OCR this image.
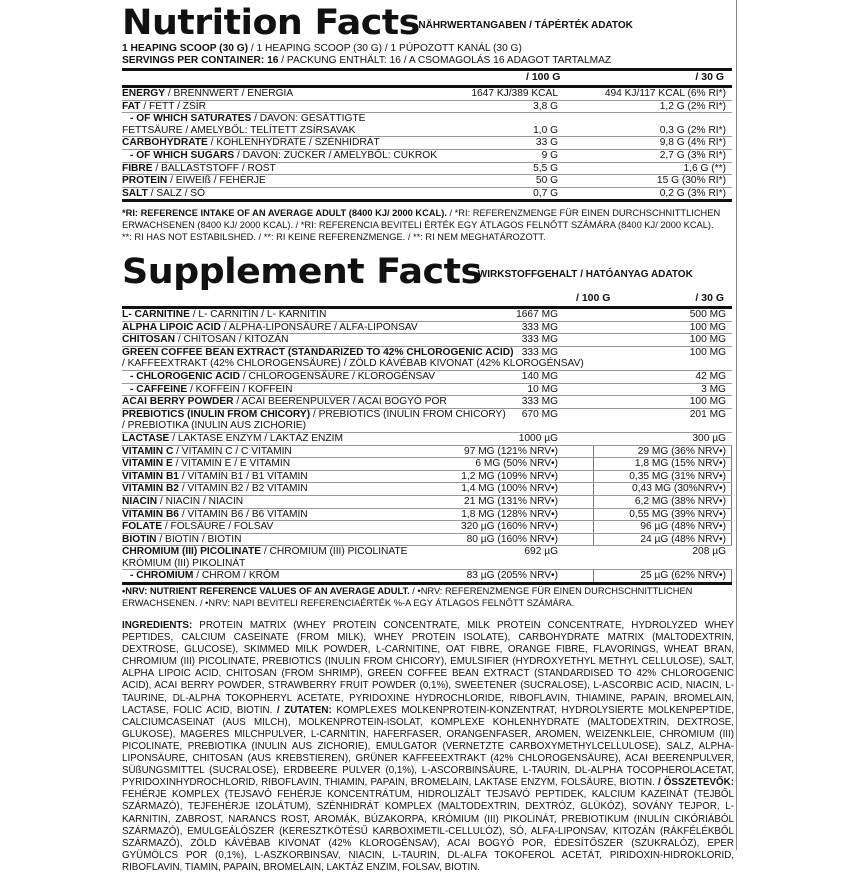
Nutrition Facts$^{NÄHRWERTANGABEN / TÁPÉRTÉK ADATOK}$
1 HEAPING SCOOP (30 G) / 1 HEAPING SCOOP (30 G) / 1 PÚPOZOTT KANÁL (30 G)
SERVINGS PER CONTAINER: 16 / PACKUNG ENTHÄLT: 16 / A CSOMAGOLÁS 16 ADAGOT TARTALMAZ
/ 100 G	/ 30 G
ENERGY / BRENNWERT / ENERGIA	1647 KJ/389 KCAL	494 KJ/117 KCAL (6% RI*)
FAT / FETT / ZSÍR	3,8 G	1,2 G (2% RI*)
- OF WHICH SATURATES / DAVON: GESÄTTIGTE
FETTSÄURE / AMELYBŐL: TELÍTETT ZSÍRSAVAK	1,0 G	0,3 G (2% RI*)
CARBOHYDRATE / KOHLENHYDRATE / SZÉNHIDRÁT	33 G	9,8 G (4% RI*)
- OF WHICH SUGARS / DAVON: ZUCKER / AMELYBŐL: CUKROK	9 G	2,7 G (3% RI*)
FIBRE / BALLASTSTOFF / ROST	5,5 G	1,6 G (**)
PROTEIN / EIWEIß / FEHÉRJE	50 G	15 G (30% RI*)
SALT / SALZ / SÓ	0,7 G	0,2 G (3% RI*)
*RI: REFERENCE INTAKE OF AN AVERAGE ADULT (8400 KJ/ 2000 KCAL). / *RI: REFERENZMENGE FÜR EINEN DURCHSCHNITTLICHEN ERWACHSENEN (8400 KJ/ 2000 KCAL). / *RI: REFERENCIA BEVITELI ÉRTÉK EGY ÁTLAGOS FELNŐTT SZÁMÁRA (8400 KJ/ 2000 KCAL).
**: RI HAS NOT ESTABILSHED. / **: RI KEINE REFERENZMENGE. / **: RI NEM MEGHATÁROZOTT.
Supplement Facts$^{WIRKSTOFFGEHALT / HATÓANYAG ADATOK}$
/ 100 G	/ 30 G
L- CARNITINE / L- CARNITIN / L- KARNITIN	1667 MG	500 MG
ALPHA LIPOIC ACID / ALPHA-LIPONSÄURE / ALFA-LIPONSAV	333 MG	100 MG
CHITOSAN / CHITOSAN / KITOZÁN	333 MG	100 MG
GREEN COFFEE BEAN EXTRACT (STANDARIZED TO 42% CHLOROGENIC ACID) 333 MG	100 MG
/ KAFFEEXTRAKT (42% CHLOROGENSÄURE) / ZÖLD KÁVÉBAB KIVONAT (42% KLOROGÉNSAV)
- CHLOROGENIC ACID / CHLOROGENSÄURE / KLOROGÉNSAV	140 MG	42 MG
- CAFFEINE / KOFFEIN / KOFFEIN	10 MG	3 MG
ACAI BERRY POWDER / ACAI BEERENPULVER / ACAI BOGYÓ POR	333 MG	100 MG
PREBIOTICS (INULIN FROM CHICORY) / PREBIOTICS (INULIN FROM CHICORY) 670 MG	201 MG
/ PREBIOTIKA (INULIN AUS ZICHORIE)
LACTASE / LAKTASE ENZYM / LAKTÁZ ENZIM	1000 µG	300 µG
VITAMIN C / VITAMIN C / C VITAMIN	97 MG (121% NRV•)	29 MG (36% NRV•)
VITAMIN E / VITAMIN E / E VITAMIN	6 MG (50% NRV•)	1,8 MG (15% NRV•)
VITAMIN B1 / VITAMIN B1 / B1 VITAMIN	1,2 MG (109% NRV•)	0,35 MG (31% NRV•)
VITAMIN B2 / VITAMIN B2 / B2 VITAMIN	1,4 MG (100% NRV•)	0,43 MG (30%NRV•)
NIACIN / NIACIN / NIACIN	21 MG (131% NRV•)	6,2 MG (38% NRV•)
VITAMIN B6 / VITAMIN B6 / B6 VITAMIN	1,8 MG (128% NRV•)	0,55 MG (39% NRV•)
FOLATE / FOLSÄURE / FOLSAV	320 µG (160% NRV•)	96 µG (48% NRV•)
BIOTIN / BIOTIN / BIOTIN	80 µG (160% NRV•)	24 µG (48% NRV•)
CHROMIUM (III) PICOLINATE / CHROMIUM (III) PICOLINATE	692 µG	208 µG
KRÓMIUM (III) PIKOLINÁT
- CHROMIUM / CHROM / KRÓM	83 µG (205% NRV•)	25 µG (62% NRV•)
•NRV: NUTRIENT REFERENCE VALUES OF AN AVERAGE ADULT. / •NRV: REFERENZMENGE FÜR EINEN DURCHSCHNITTLICHEN ERWACHSENEN. / •NRV: NAPI BEVITELI REFERENCIAÉRTÉK %-A EGY ÁTLAGOS FELNŐTT SZÁMÁRA.
INGREDIENTS: PROTEIN MATRIX (WHEY PROTEIN CONCENTRATE, MILK PROTEIN CONCENTRATE, HYDROLYZED WHEY PEPTIDES, CALCIUM CASEINATE (FROM MILK), WHEY PROTEIN ISOLATE), CARBOHYDRATE MATRIX (MALTODEXTRIN, DEXTROSE, GLUCOSE), SKIMMED MILK POWDER, L-CARNITINE, OAT FIBRE, ORANGE FIBRE, FLAVORINGS, WHEAT BRAN, CHROMIUM (III) PICOLINATE, PREBIOTICS (INULIN FROM CHICORY), EMULSIFIER (HYDROXYETHYL METHYL CELLULOSE), SALT, ALPHA LIPOIC ACID, CHITOSAN (FROM SHRIMP), GREEN COFFEE BEAN EXTRACT (STANDARDISED TO 42% CHLOROGENIC ACID), ACAI BERRY POWDER, STRAWBERRY FRUIT POWDER (0,1%), SWEETENER (SUCRALOSE), L-ASCORBIC ACID, NIACIN, L-TAURINE, DL-ALPHA TOKOPHERYL ACETATE, PYRIDOXINE HYDROCHLORIDE, RIBOFLAVIN, THIAMINE, PAPAIN, BROMELAIN, LACTASE, FOLIC ACID, BIOTIN. / ZUTATEN: KOMPLEXES MOLKENPROTEIN-KONZENTRAT, HYDROLYSIERTE MOLKENPEPTIDE, CALCIUMCASEINAT (AUS MILCH), MOLKENPROTEIN-ISOLAT, KOMPLEXE KOHLENHYDRATE (MALTODEXTRIN, DEXTROSE, GLUKOSE), MAGERES MILCHPULVER, L-CARNITIN, HAFERFASER, ORANGENFASER, AROMEN, WEIZENKLEIE, CHROMIUM (III) PICOLINATE, PREBIOTIKA (INULIN AUS ZICHORIE), EMULGATOR (VERNETZTE CARBOXYMETHYLCELLULOSE), SALZ, ALPHA-LIPONSÄURE, CHITOSAN (AUS KREBSTIEREN), GRÜNER KAFFEEEXTRAKT (42% CHLOROGENSÄURE), ACAI BEERENPULVER, SÜßUNGSMITTEL (SUCRALOSE), ERDBEERE PULVER (0,1%), L-ASCORBINSÄURE, L-TAURIN, DL-ALPHA TOCOPHEROLACETAT, PYRIDOXINHYDROCHLORID, RIBOFLAVIN, THIAMIN, PAPAIN, BROMELAIN, LAKTASE ENZYM, FOLSÄURE, BIOTIN. / ÖSSZETEVŐK: FEHÉRJE KOMPLEX (TEJSAVÓ FEHÉRJE KONCENTRÁTUM, HIDROLIZÁLT TEJSAVÓ PEPTIDEK, KALCIUM KAZEINÁT (TEJBŐL SZÁRMAZÓ), TEJFEHÉRJE IZOLÁTUM), SZÉNHIDRÁT KOMPLEX (MALTODEXTRIN, DEXTRÓZ, GLÜKÓZ), SOVÁNY TEJPOR, L-KARNITIN, ZABROST, NARANCS ROST, AROMÁK, BÚZAKORPA, KRÓMIUM (III) PIKOLINÁT, PREBIOTIKUM (INULIN CIKÓRIÁBÓL SZÁRMAZÓ), EMULGEÁLÓSZER (KERESZTKÖTÉSŰ KARBOXIMETIL-CELLULÓZ), SÓ, ALFA-LIPONSAV, KITOZÁN (RÁKFÉLÉKBŐL SZÁRMAZÓ), ZÖLD KÁVÉBAB KIVONAT (42% KLOROGÉNSAV), ACAI BOGYÓ POR, ÉDESÍTŐSZER (SZUKRALÓZ), EPER GYÜMÖLCS POR (0,1%), L-ASZKORBINSAV, NIACIN, L-TAURIN, DL-ALFA TOKOFEROL ACETÁT, PIRIDOXIN-HIDROKLORID, RIBOFLAVIN, TIAMIN, PAPAIN, BROMELAIN, LAKTÁZ ENZIM, FOLSAV, BIOTIN.
